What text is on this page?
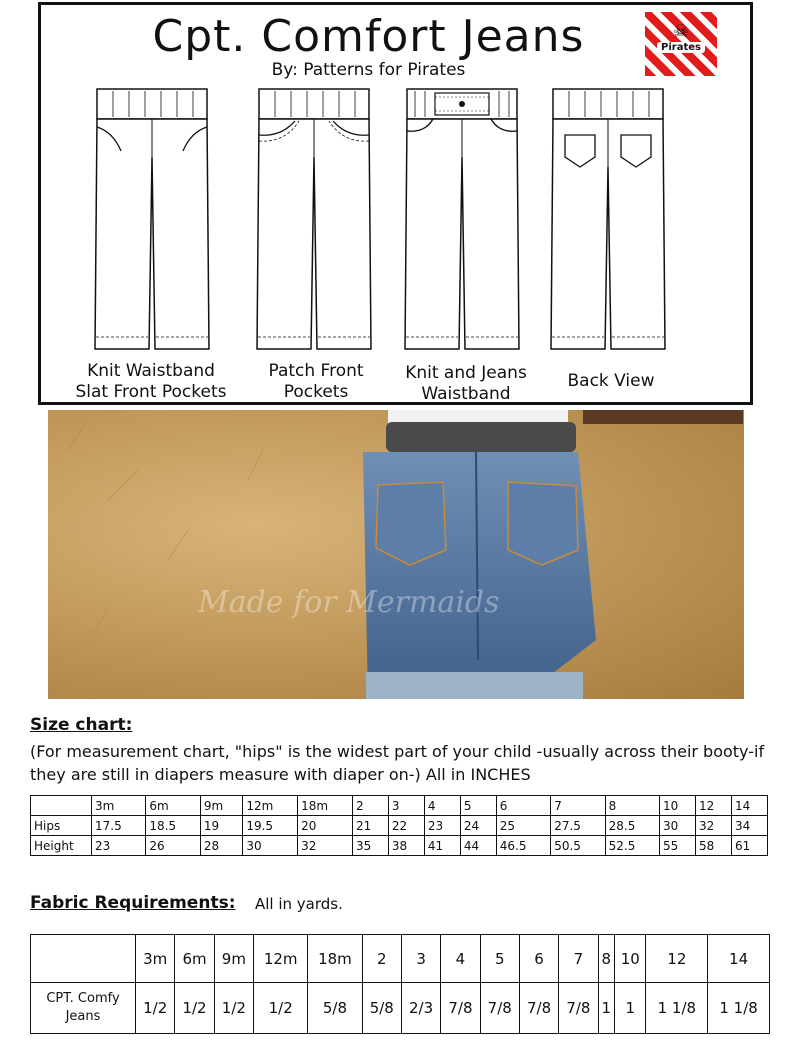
Cpt. Comfort Jeans
By: Patterns for Pirates
☠
Pirates
Knit Waistband
Slat Front Pockets
Patch Front
Pockets
Knit and Jeans
Waistband
Back View
Made for Mermaids
Size chart:
(For measurement chart, "hips" is the widest part of your child -usually across their booty-if they are still in diapers measure with diaper on-) All in INCHES
	3m	6m	9m	12m	18m	2	3	4	5	6	7	8	10	12	14
Hips	17.5	18.5	19	19.5	20	21	22	23	24	25	27.5	28.5	30	32	34
Height	23	26	28	30	32	35	38	41	44	46.5	50.5	52.5	55	58	61
Fabric Requirements: All in yards.
	3m	6m	9m	12m	18m	2	3	4	5	6	7	8	10	12	14
CPT. Comfy Jeans	1/2	1/2	1/2	1/2	5/8	5/8	2/3	7/8	7/8	7/8	7/8	1	1	1 1/8	1 1/8
